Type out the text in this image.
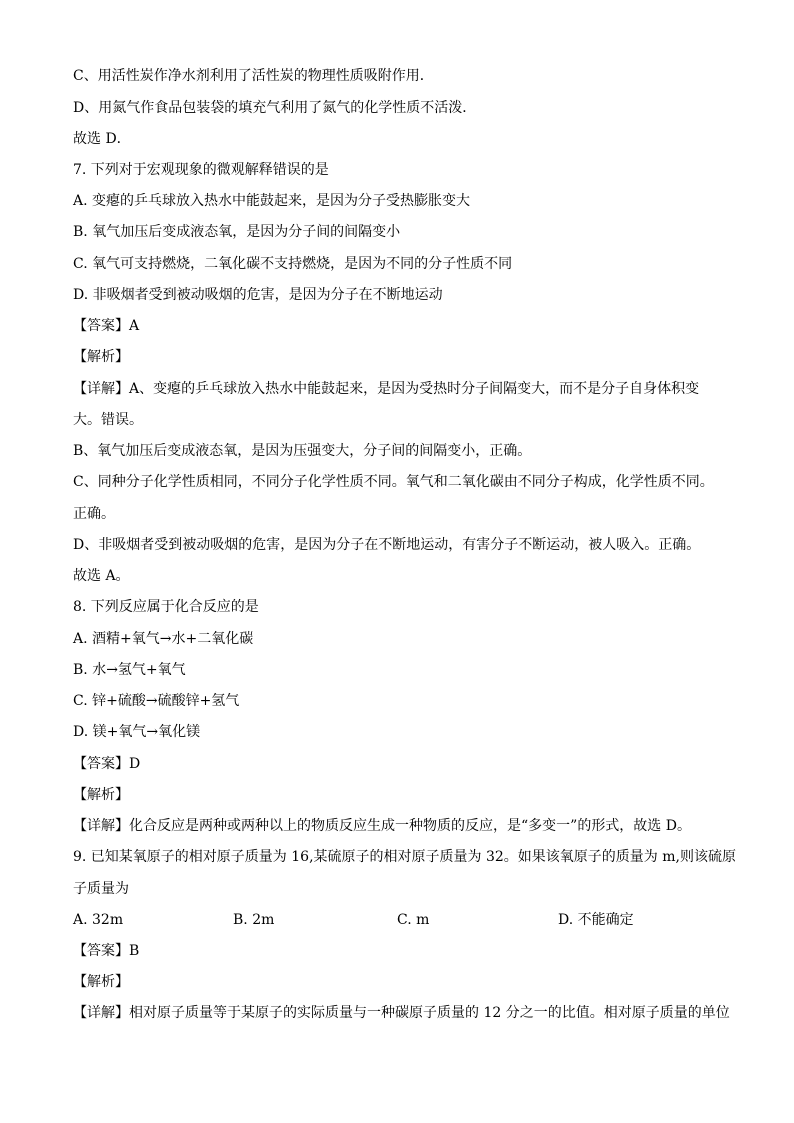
C、用活性炭作净水剂利用了活性炭的物理性质吸附作用．
D、用氮气作食品包装袋的填充气利用了氮气的化学性质不活泼．
故选 D．
7. 下列对于宏观现象的微观解释错误的是
A. 变瘪的乒乓球放入热水中能鼓起来，是因为分子受热膨胀变大
B. 氧气加压后变成液态氧，是因为分子间的间隔变小
C. 氧气可支持燃烧，二氧化碳不支持燃烧，是因为不同的分子性质不同
D. 非吸烟者受到被动吸烟的危害，是因为分子在不断地运动
【答案】A
【解析】
【详解】A、变瘪的乒乓球放入热水中能鼓起来，是因为受热时分子间隔变大，而不是分子自身体积变
大。错误。
B、氧气加压后变成液态氧，是因为压强变大，分子间的间隔变小，正确。
C、同种分子化学性质相同，不同分子化学性质不同。氧气和二氧化碳由不同分子构成，化学性质不同。
正确。
D、非吸烟者受到被动吸烟的危害，是因为分子在不断地运动，有害分子不断运动，被人吸入。正确。
故选 A。
8. 下列反应属于化合反应的是
A. 酒精+氧气→水+二氧化碳
B. 水→氢气+氧气
C. 锌+硫酸→硫酸锌+氢气
D. 镁+氧气→氧化镁
【答案】D
【解析】
【详解】化合反应是两种或两种以上的物质反应生成一种物质的反应，是“多变一”的形式，故选 D。
9. 已知某氧原子的相对原子质量为 16,某硫原子的相对原子质量为 32。如果该氧原子的质量为 m,则该硫原
子质量为
A. 32m	B. 2m	C. m	D. 不能确定
【答案】B
【解析】
【详解】相对原子质量等于某原子的实际质量与一种碳原子质量的 12 分之一的比值。相对原子质量的单位
